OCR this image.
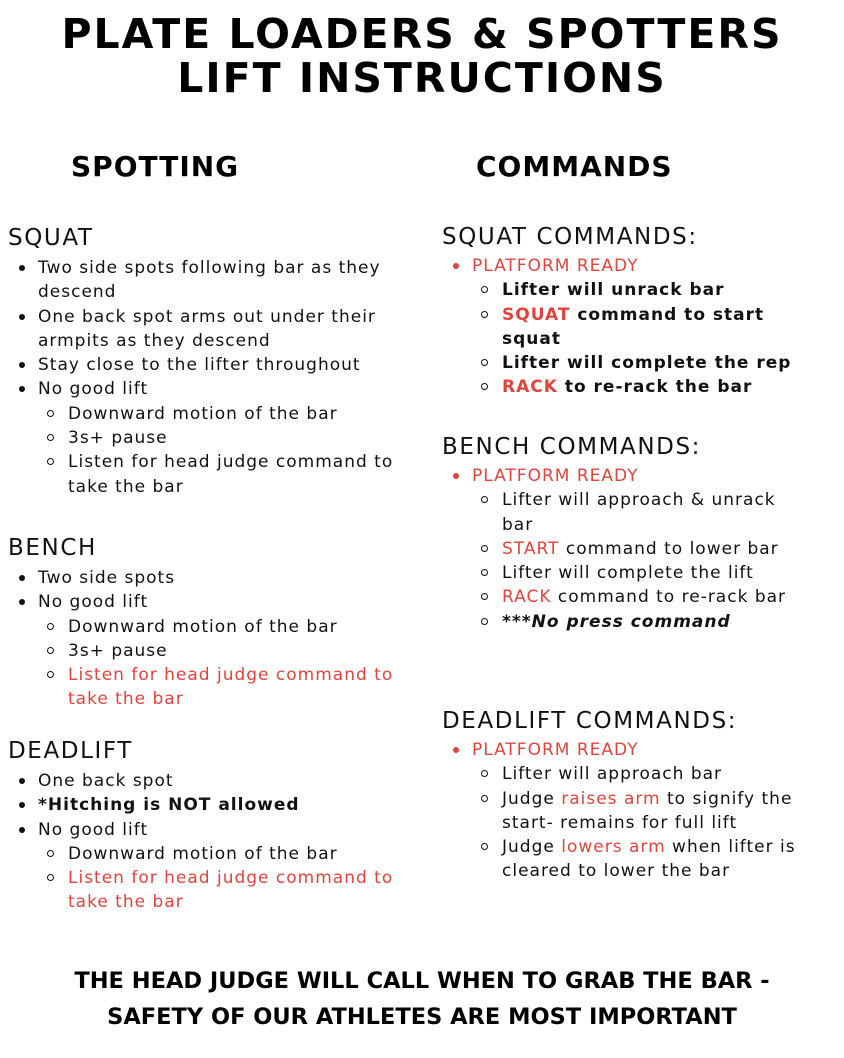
PLATE LOADERS & SPOTTERS
LIFT INSTRUCTIONS
SPOTTING	COMMANDS
SQUAT
Two side spots following bar as they descend
One back spot arms out under their armpits as they descend
Stay close to the lifter throughout
No good lift
Downward motion of the bar
3s+ pause
Listen for head judge command to take the bar
BENCH
Two side spots
No good lift
Downward motion of the bar
3s+ pause
Listen for head judge command to take the bar
DEADLIFT
One back spot
*Hitching is NOT allowed
No good lift
Downward motion of the bar
Listen for head judge command to take the bar
SQUAT COMMANDS:
PLATFORM READY
Lifter will unrack bar
SQUAT command to start squat
Lifter will complete the rep
RACK to re-rack the bar
BENCH COMMANDS:
PLATFORM READY
Lifter will approach & unrack bar
START command to lower bar
Lifter will complete the lift
RACK command to re-rack bar
***No press command
DEADLIFT COMMANDS:
PLATFORM READY
Lifter will approach bar
Judge raises arm to signify the start- remains for full lift
Judge lowers arm when lifter is cleared to lower the bar
THE HEAD JUDGE WILL CALL WHEN TO GRAB THE BAR -
SAFETY OF OUR ATHLETES ARE MOST IMPORTANT
